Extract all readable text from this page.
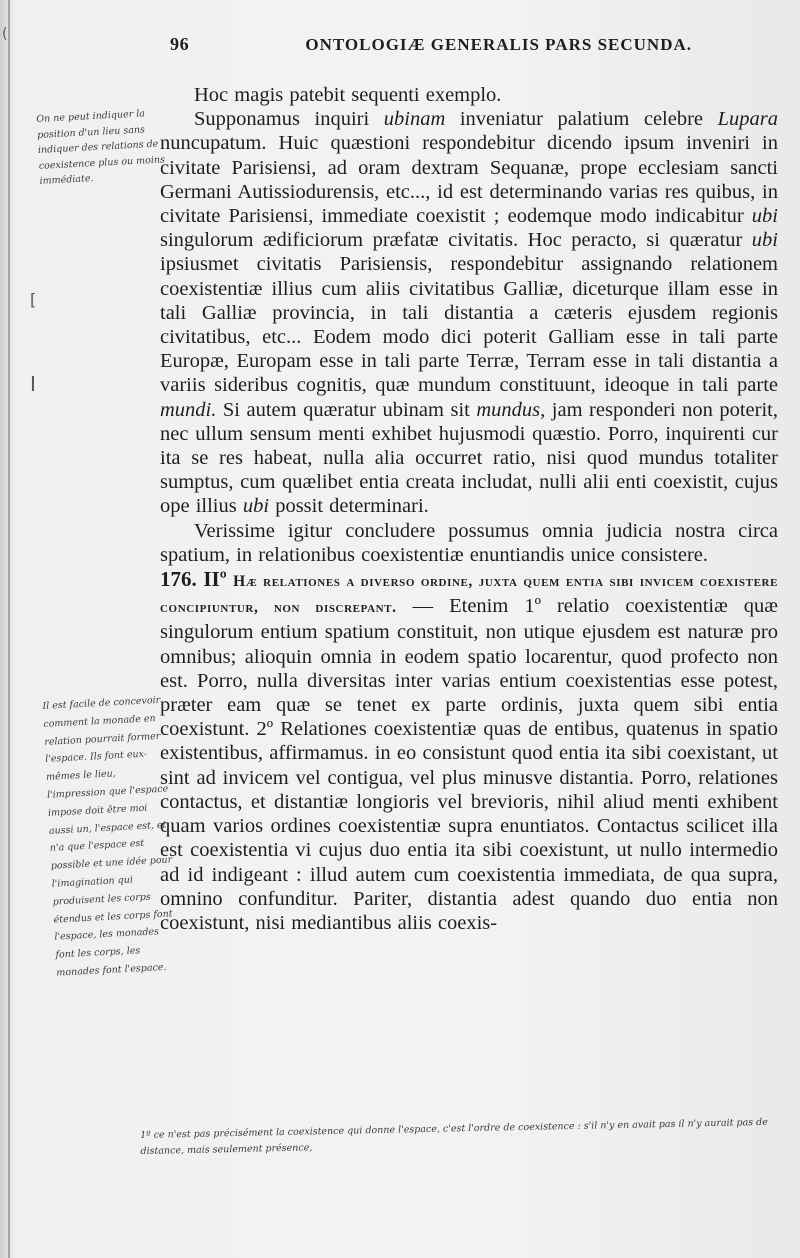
(
[
I
96	ONTOLOGIÆ GENERALIS PARS SECUNDA.

Hoc magis patebit sequenti exemplo.

Supponamus inquiri ubinam inveniatur palatium celebre Lupara nuncupatum. Huic quæstioni respondebitur dicendo ipsum inveniri in civitate Parisiensi, ad oram dextram Sequanæ, prope ecclesiam sancti Germani Autissiodurensis, etc..., id est determinando varias res quibus, in civitate Parisiensi, immediate coexistit ; eodemque modo indicabitur ubi singulorum ædificiorum præfatæ civitatis. Hoc peracto, si quæratur ubi ipsiusmet civitatis Parisiensis, respondebitur assignando relationem coexistentiæ illius cum aliis civitatibus Galliæ, diceturque illam esse in tali Galliæ provincia, in tali distantia a cæteris ejusdem regionis civitatibus, etc... Eodem modo dici poterit Galliam esse in tali parte Europæ, Europam esse in tali parte Terræ, Terram esse in tali distantia a variis sideribus cognitis, quæ mundum constituunt, ideoque in tali parte mundi. Si autem quæratur ubinam sit mundus, jam responderi non poterit, nec ullum sensum menti exhibet hujusmodi quæstio. Porro, inquirenti cur ita se res habeat, nulla alia occurret ratio, nisi quod mundus totaliter sumptus, cum quælibet entia creata includat, nulli alii enti coexistit, cujus ope illius ubi possit determinari.

Verissime igitur concludere possumus omnia judicia nostra circa spatium, in relationibus coexistentiæ enuntiandis unice consistere.

176. IIº Hæ relationes a diverso ordine, juxta quem entia sibi invicem coexistere concipiuntur, non discrepant. — Etenim 1º relatio coexistentiæ quæ singulorum entium spatium constituit, non utique ejusdem est naturæ pro omnibus; alioquin omnia in eodem spatio locarentur, quod profecto non est. Porro, nulla diversitas inter varias entium coexistentias esse potest, præter eam quæ se tenet ex parte ordinis, juxta quem sibi entia coexistunt. 2º Relationes coexistentiæ quas de entibus, quatenus in spatio existentibus, affirmamus. in eo consistunt quod entia ita sibi coexistant, ut sint ad invicem vel contigua, vel plus minusve distantia. Porro, relationes contactus, et distantiæ longioris vel brevioris, nihil aliud menti exhibent quam varios ordines coexistentiæ supra enuntiatos. Contactus scilicet illa est coexistentia vi cujus duo entia ita sibi coexistunt, ut nullo intermedio ad id indigeant : illud autem cum coexistentia immediata, de qua supra, omnino confunditur. Pariter, distantia adest quando duo entia non coexistunt, nisi mediantibus aliis coexis-

On ne peut indiquer la position d'un lieu sans indiquer des relations de coexistence plus ou moins immédiate.
Il est facile de concevoir comment la monade en relation pourrait former l'espace. Ils font eux-mêmes le lieu, l'impression que l'espace impose doit être moi aussi un, l'espace est, et n'a que l'espace est possible et une idée pour l'imagination qui produisent les corps étendus et les corps font l'espace, les monades font les corps, les monades font l'espace.
1º ce n'est pas précisément la coexistence qui donne l'espace, c'est l'ordre de coexistence : s'il n'y en avait pas il n'y aurait pas de distance, mais seulement présence,
